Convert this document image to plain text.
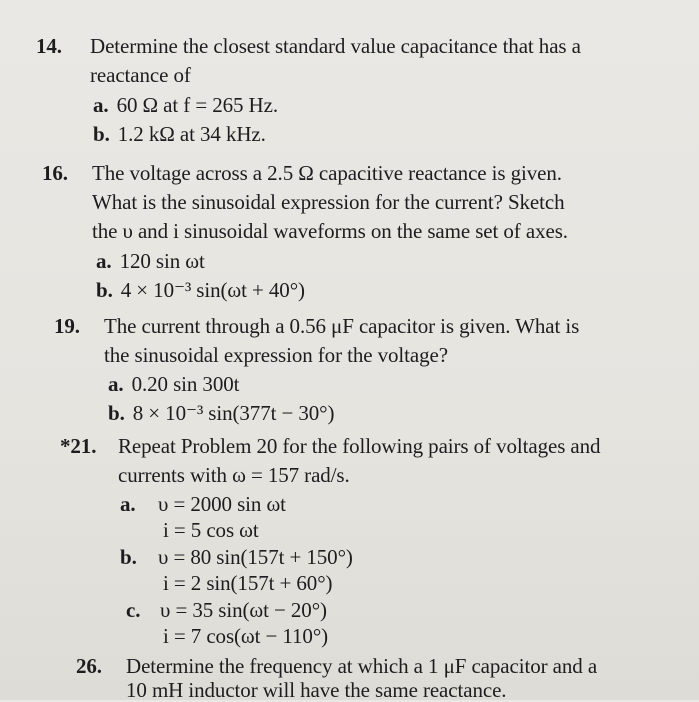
14. Determine the closest standard value capacitance that has a
reactance of
a. 60 Ω at f = 265 Hz.
b. 1.2 kΩ at 34 kHz.
16. The voltage across a 2.5 Ω capacitive reactance is given.
What is the sinusoidal expression for the current? Sketch
the υ and i sinusoidal waveforms on the same set of axes.
a. 120 sin ωt
b. 4 × 10⁻³ sin(ωt + 40°)
19. The current through a 0.56 μF capacitor is given. What is
the sinusoidal expression for the voltage?
a. 0.20 sin 300t
b. 8 × 10⁻³ sin(377t − 30°)
*21. Repeat Problem 20 for the following pairs of voltages and
currents with ω = 157 rad/s.
a. υ = 2000 sin ωt
i = 5 cos ωt
b. υ = 80 sin(157t + 150°)
i = 2 sin(157t + 60°)
c. υ = 35 sin(ωt − 20°)
i = 7 cos(ωt − 110°)
26. Determine the frequency at which a 1 μF capacitor and a
10 mH inductor will have the same reactance.
